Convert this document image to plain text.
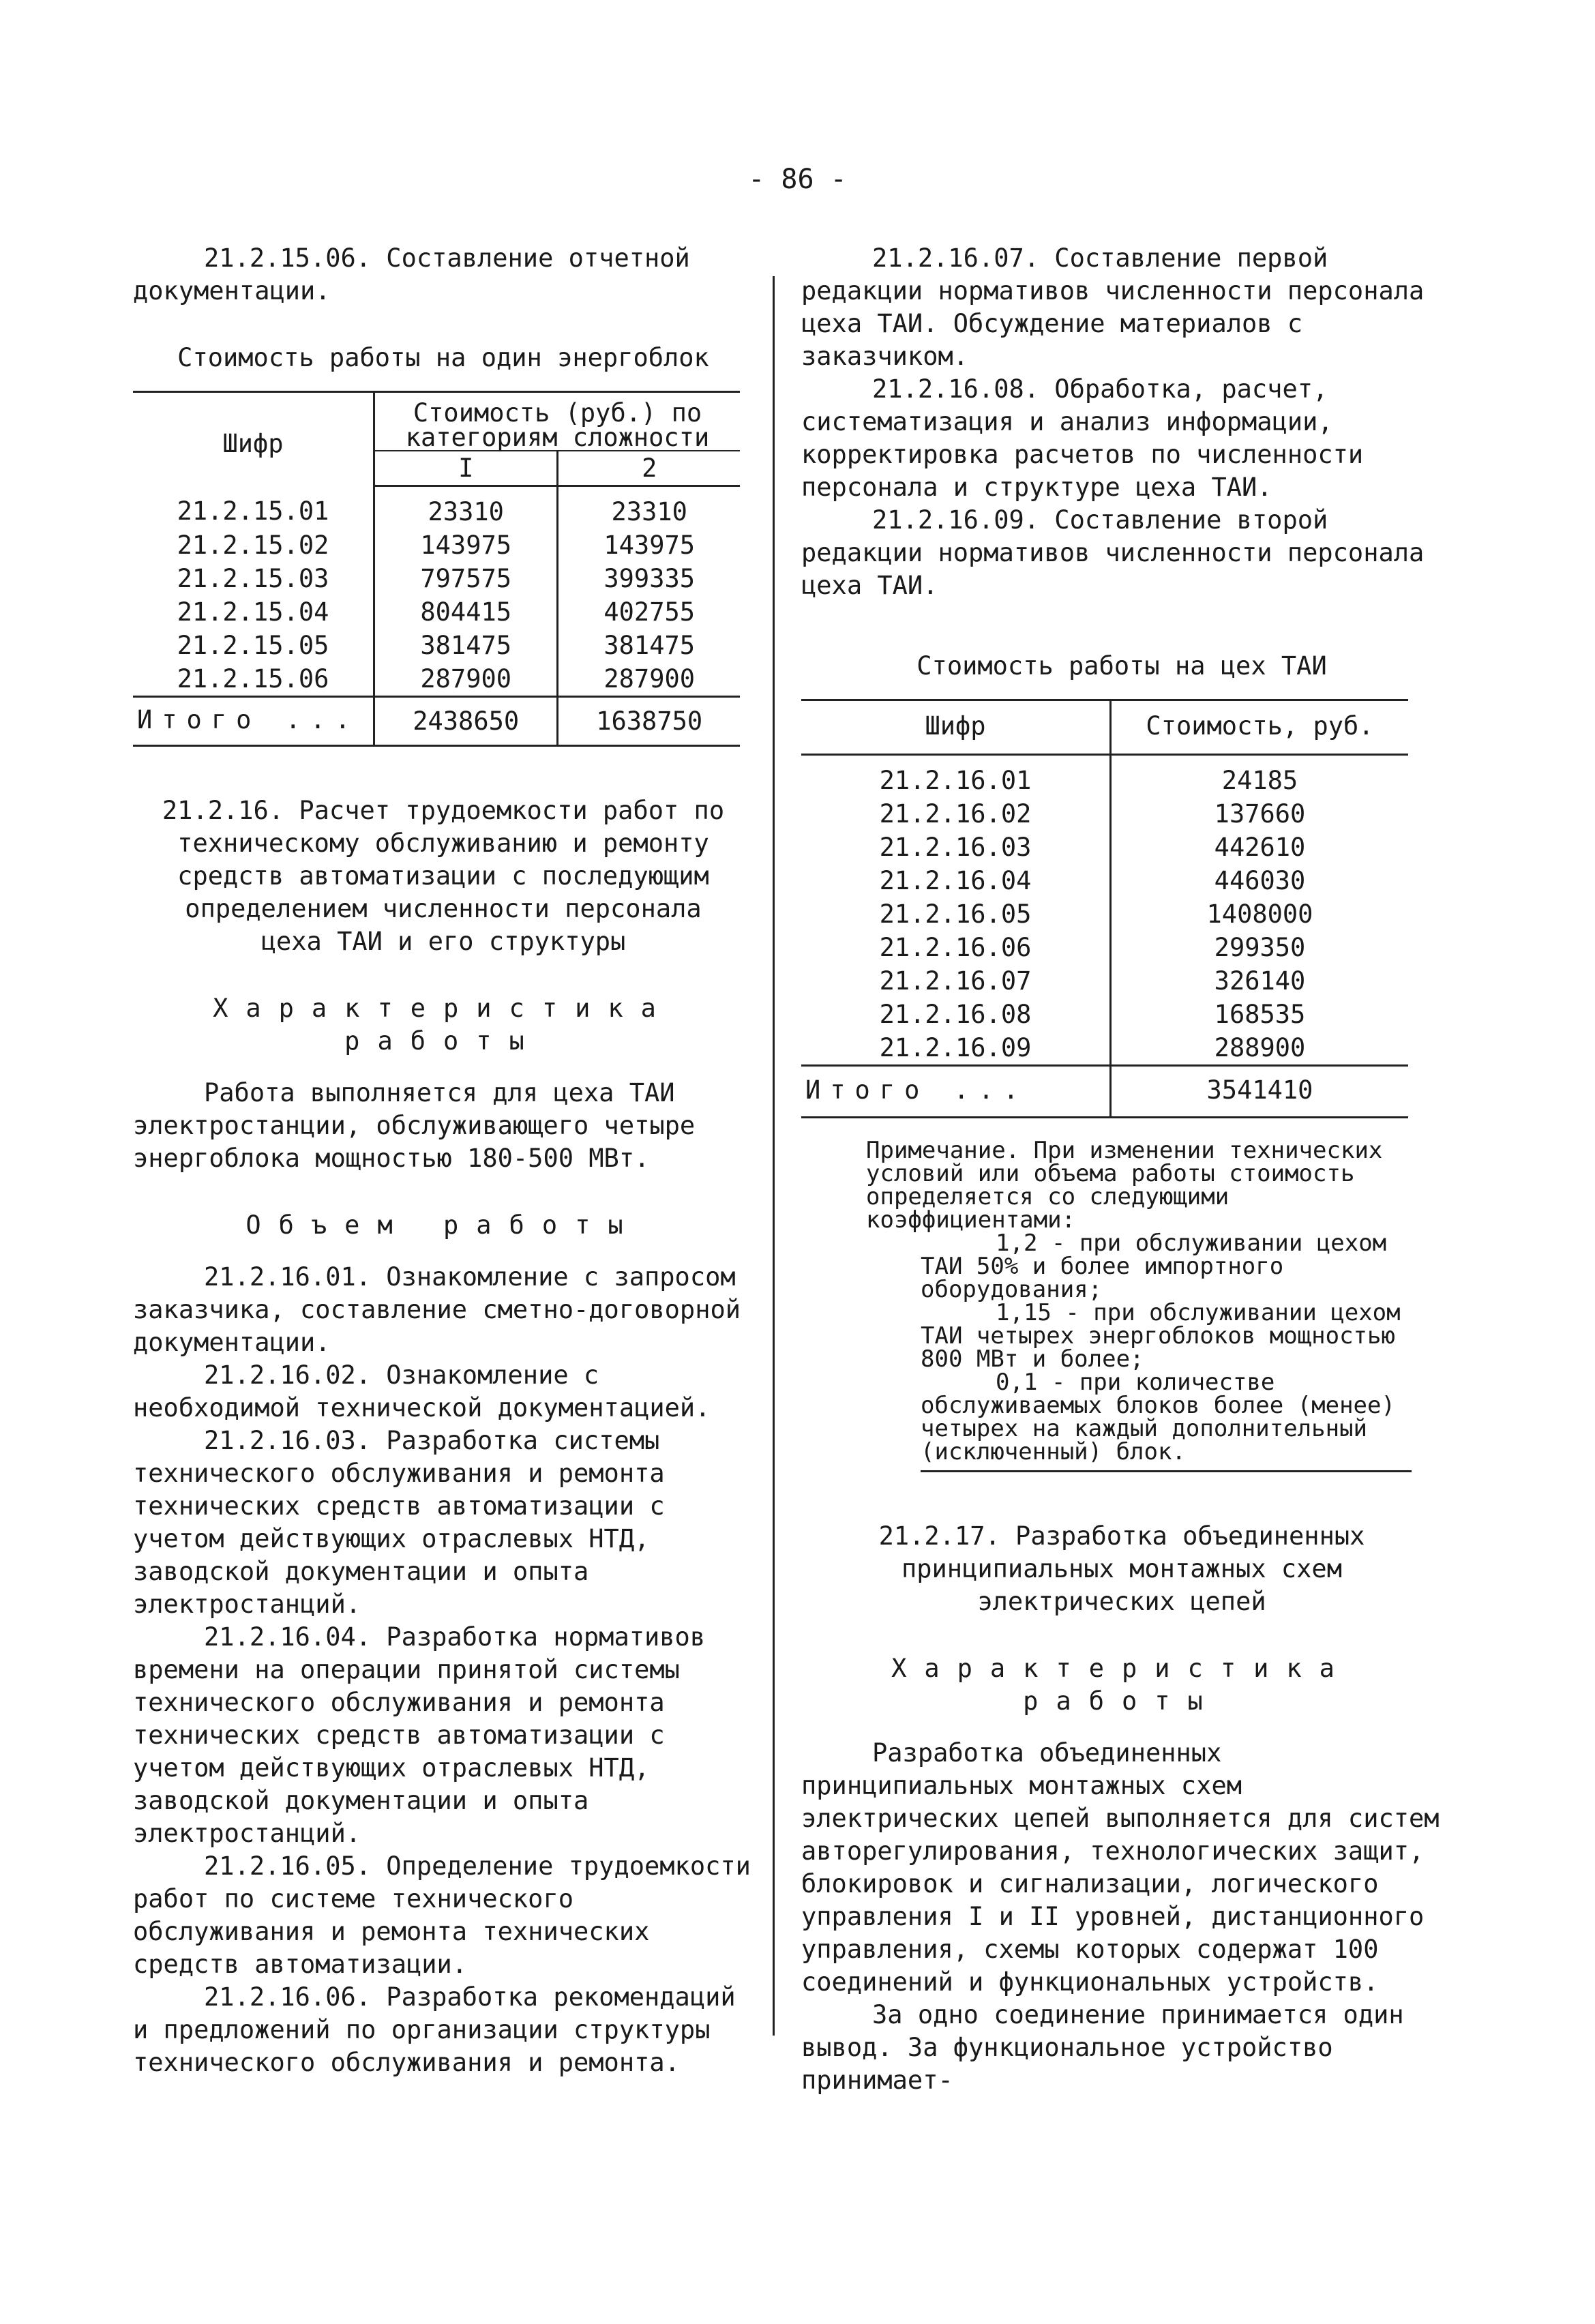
- 86 -

21.2.15.06. Составление отчетной документации.

Стоимость работы на один энергоблок

Шифр	Стоимость (руб.) по категориям сложности	
	I	2
21.2.15.01	23310	23310
21.2.15.02	143975	143975
21.2.15.03	797575	399335
21.2.15.04	804415	402755
21.2.15.05	381475	381475
21.2.15.06	287900	287900
Итого ...	2438650	1638750

21.2.16. Расчет трудоемкости работ по техническому обслуживанию и ремонту средств автоматизации с последующим определением численности персонала цеха ТАИ и его структуры

Характеристика работы

Работа выполняется для цеха ТАИ электростанции, обслуживающего четыре энергоблока мощностью 180-500 МВт.

Объем работы

21.2.16.01. Ознакомление с запросом заказчика, составление сметно-договорной документации.

21.2.16.02. Ознакомление с необходимой технической документацией.

21.2.16.03. Разработка системы технического обслуживания и ремонта технических средств автоматизации с учетом действующих отраслевых НТД, заводской документации и опыта электростанций.

21.2.16.04. Разработка нормативов времени на операции принятой системы технического обслуживания и ремонта технических средств автоматизации с учетом действующих отраслевых НТД, заводской документации и опыта электростанций.

21.2.16.05. Определение трудоемкости работ по системе технического обслуживания и ремонта технических средств автоматизации.

21.2.16.06. Разработка рекомендаций и предложений по организации структуры технического обслуживания и ремонта.

21.2.16.07. Составление первой редакции нормативов численности персонала цеха ТАИ. Обсуждение материалов с заказчиком.

21.2.16.08. Обработка, расчет, систематизация и анализ информации, корректировка расчетов по численности персонала и структуре цеха ТАИ.

21.2.16.09. Составление второй редакции нормативов численности персонала цеха ТАИ.

Стоимость работы на цех ТАИ

Шифр	Стоимость, руб.
21.2.16.01	24185
21.2.16.02	137660
21.2.16.03	442610
21.2.16.04	446030
21.2.16.05	1408000
21.2.16.06	299350
21.2.16.07	326140
21.2.16.08	168535
21.2.16.09	288900
Итого ...	3541410

Примечание. При изменении технических условий или объема работы стоимость определяется со следующими коэффициентами:

1,2 - при обслуживании цехом ТАИ 50% и более импортного оборудования;

1,15 - при обслуживании цехом ТАИ четырех энергоблоков мощностью 800 МВт и более;

0,1 - при количестве обслуживаемых блоков более (менее) четырех на каждый дополнительный (исключенный) блок.

21.2.17. Разработка объединенных принципиальных монтажных схем электрических цепей

Характеристика работы

Разработка объединенных принципиальных монтажных схем электрических цепей выполняется для систем авторегулирования, технологических защит, блокировок и сигнализации, логического управления I и II уровней, дистанционного управления, схемы которых содержат 100 соединений и функциональных устройств.

За одно соединение принимается один вывод. За функциональное устройство принимает-
